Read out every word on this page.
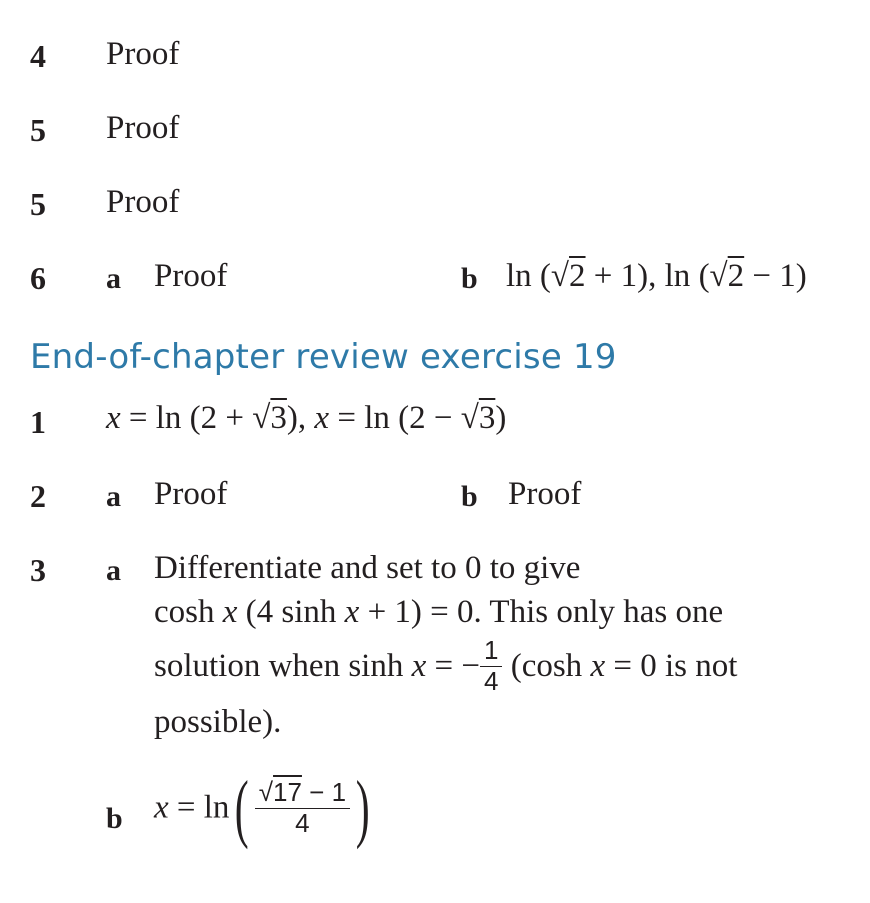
4 Proof
5 Proof
5 Proof
6 a Proof	b ln (√2 + 1), ln (√2 − 1)
End-of-chapter review exercise 19
1 x = ln (2 + √3), x = ln (2 − √3)
2 a Proof	b Proof
3 a Differentiate and set to 0 to give
cosh x (4 sinh x + 1) = 0. This only has one
solution when sinh x = − $\frac{1}{4} (\cosh$ x = 0 is not
possible).
b $x = \ln( \frac{√17 - 1}{4}$ )
